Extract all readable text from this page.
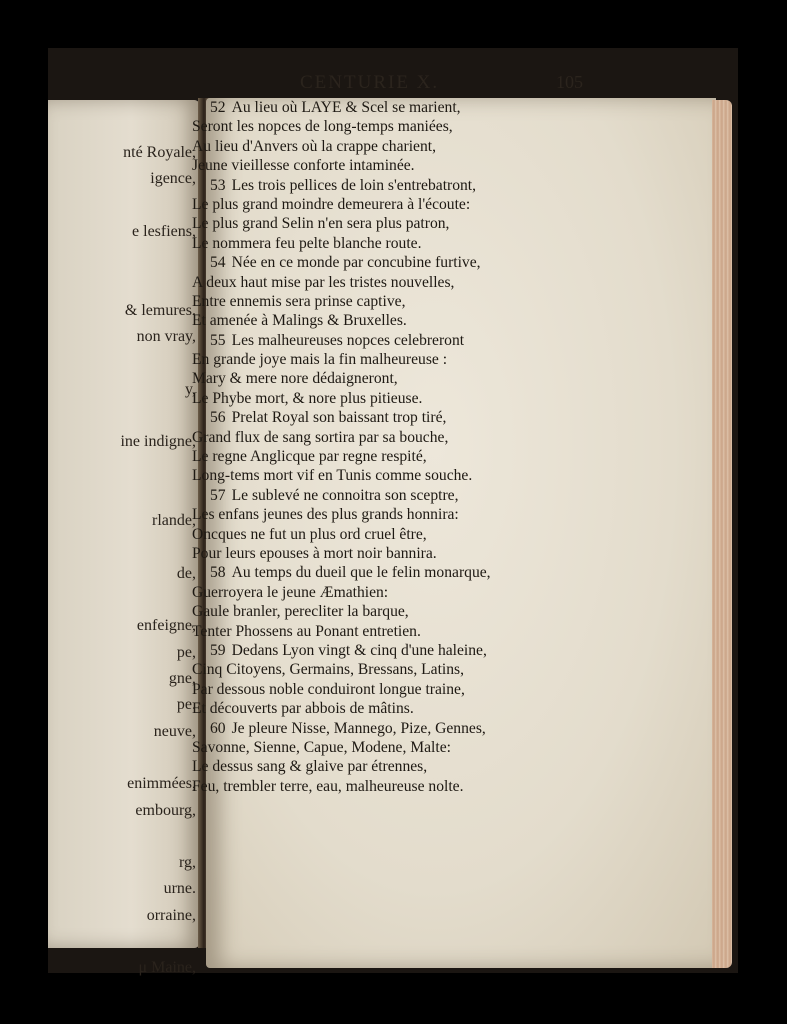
nté Royale,
igence,
e lesfiens,
& lemures.
non vray,
y,
ine indigne,
rlande,
de,
enfeigne,
pe,
gne,
pe.
neuve,
enimmées,
embourg,
rg,
urne.
orraine,
μ Maine,
CENTURIE X.	105
52 Au lieu où LAYE & Scel se marient,
Seront les nopces de long-temps maniées,
Au lieu d'Anvers où la crappe charient,
Jeune vieillesse conforte intaminée.
53 Les trois pellices de loin s'entrebatront,
Le plus grand moindre demeurera à l'écoute:
Le plus grand Selin n'en sera plus patron,
Le nommera feu pelte blanche route.
54 Née en ce monde par concubine furtive,
A deux haut mise par les tristes nouvelles,
Entre ennemis sera prinse captive,
Et amenée à Malings & Bruxelles.
55 Les malheureuses nopces celebreront
En grande joye mais la fin malheureuse :
Mary & mere nore dédaigneront,
Le Phybe mort, & nore plus pitieuse.
56 Prelat Royal son baissant trop tiré,
Grand flux de sang sortira par sa bouche,
Le regne Anglicque par regne respité,
Long-tems mort vif en Tunis comme souche.
57 Le sublevé ne connoitra son sceptre,
Les enfans jeunes des plus grands honnira:
Oncques ne fut un plus ord cruel être,
Pour leurs epouses à mort noir bannira.
58 Au temps du dueil que le felin monarque,
Guerroyera le jeune Æmathien:
Gaule branler, perecliter la barque,
Tenter Phossens au Ponant entretien.
59 Dedans Lyon vingt & cinq d'une haleine,
Cinq Citoyens, Germains, Bressans, Latins,
Par dessous noble conduiront longue traine,
Et découverts par abbois de mâtins.
60 Je pleure Nisse, Mannego, Pize, Gennes,
Savonne, Sienne, Capue, Modene, Malte:
Le dessus sang & glaive par étrennes,
Feu, trembler terre, eau, malheureuse nolte.
